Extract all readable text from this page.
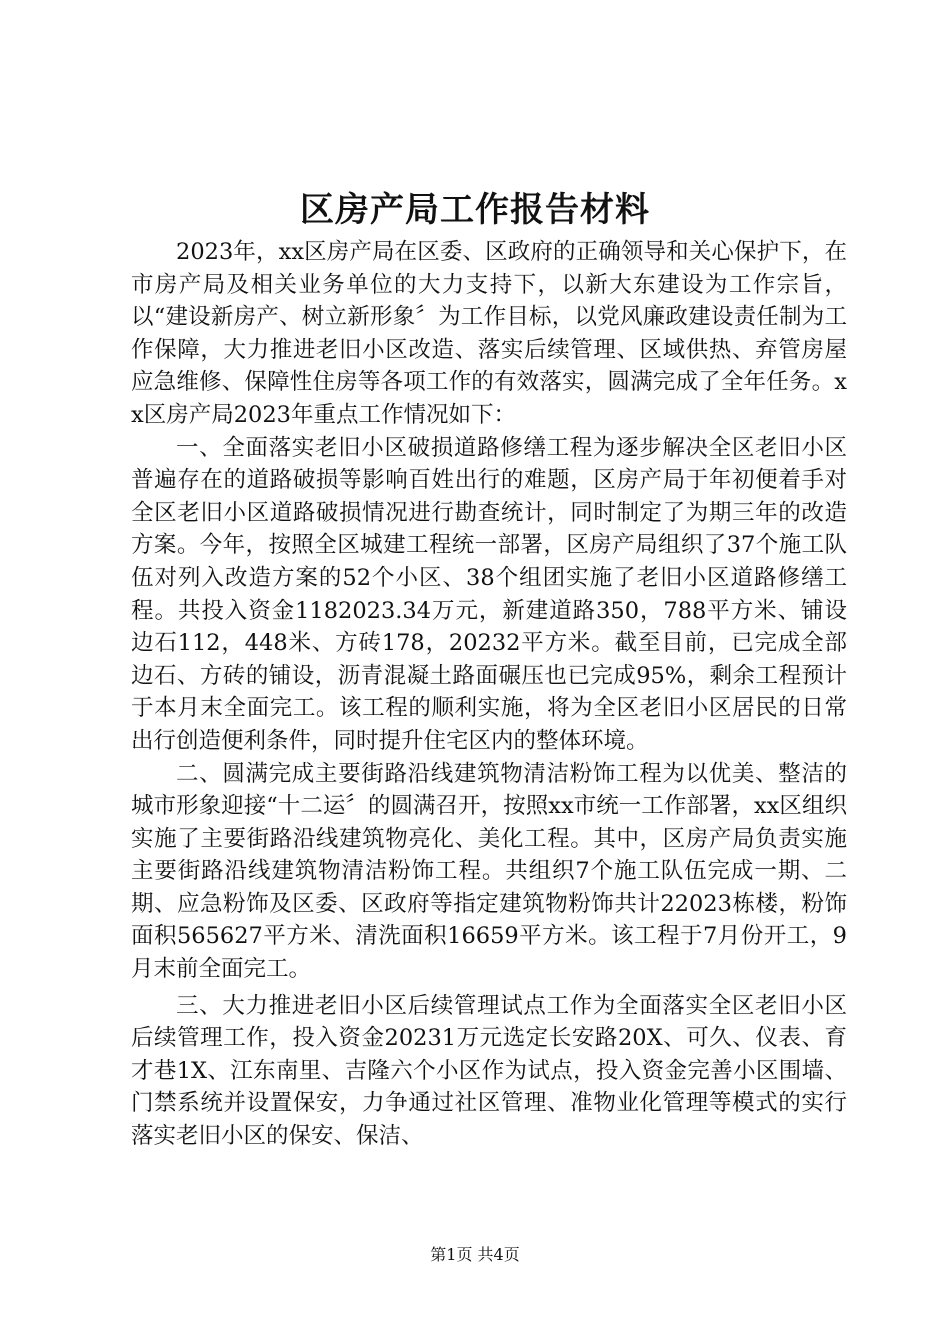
区房产局工作报告材料

2023年，xx区房产局在区委、区政府的正确领导和关心保护下，在市房产局及相关业务单位的大力支持下，以新大东建设为工作宗旨，以“建设新房产、树立新形象〞为工作目标，以党风廉政建设责任制为工作保障，大力推进老旧小区改造、落实后续管理、区域供热、弃管房屋应急维修、保障性住房等各项工作的有效落实，圆满完成了全年任务。xx区房产局2023年重点工作情况如下：

一、全面落实老旧小区破损道路修缮工程为逐步解决全区老旧小区普遍存在的道路破损等影响百姓出行的难题，区房产局于年初便着手对全区老旧小区道路破损情况进行勘查统计，同时制定了为期三年的改造方案。今年，按照全区城建工程统一部署，区房产局组织了37个施工队伍对列入改造方案的52个小区、38个组团实施了老旧小区道路修缮工程。共投入资金1182023.34万元，新建道路350，788平方米、铺设边石112，448米、方砖178，20232平方米。截至目前，已完成全部边石、方砖的铺设，沥青混凝土路面碾压也已完成95%，剩余工程预计于本月末全面完工。该工程的顺利实施，将为全区老旧小区居民的日常出行创造便利条件，同时提升住宅区内的整体环境。

二、圆满完成主要街路沿线建筑物清洁粉饰工程为以优美、整洁的城市形象迎接“十二运〞的圆满召开，按照xx市统一工作部署，xx区组织实施了主要街路沿线建筑物亮化、美化工程。其中，区房产局负责实施主要街路沿线建筑物清洁粉饰工程。共组织7个施工队伍完成一期、二期、应急粉饰及区委、区政府等指定建筑物粉饰共计22023栋楼，粉饰面积565627平方米、清洗面积16659平方米。该工程于7月份开工，9月末前全面完工。

三、大力推进老旧小区后续管理试点工作为全面落实全区老旧小区后续管理工作，投入资金20231万元选定长安路20X、可久、仪表、育才巷1X、江东南里、吉隆六个小区作为试点，投入资金完善小区围墙、门禁系统并设置保安，力争通过社区管理、准物业化管理等模式的实行落实老旧小区的保安、保洁、

第1页 共4页
